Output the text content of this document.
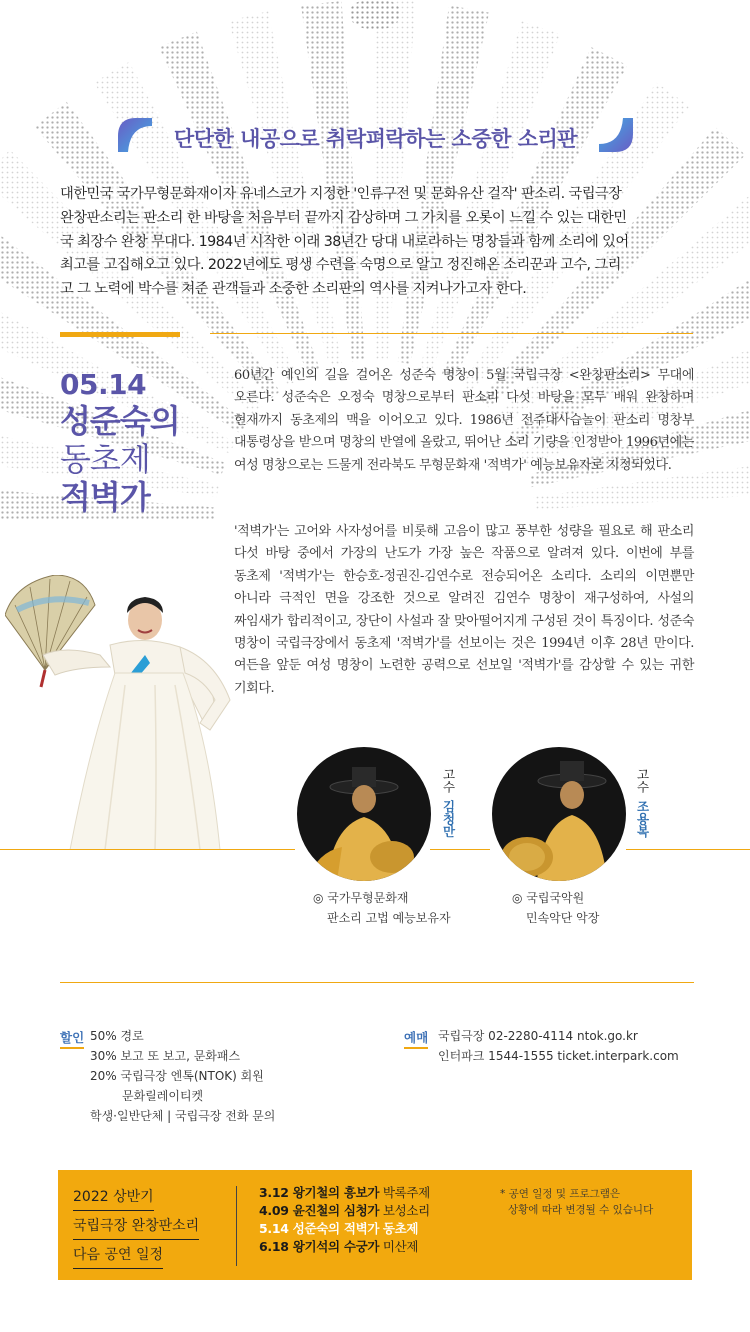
단단한 내공으로 취락펴락하는 소중한 소리판
대한민국 국가무형문화재이자 유네스코가 지정한 '인류구전 및 문화유산 걸작' 판소리. 국립극장
완창판소리는 판소리 한 바탕을 처음부터 끝까지 감상하며 그 가치를 오롯이 느낄 수 있는 대한민
국 최장수 완창 무대다. 1984년 시작한 이래 38년간 당대 내로라하는 명창들과 함께 소리에 있어
최고를 고집해오고 있다. 2022년에도 평생 수련을 숙명으로 알고 정진해온 소리꾼과 고수, 그리
고 그 노력에 박수를 쳐준 관객들과 소중한 소리판의 역사를 지켜나가고자 한다.
05.14
성준숙의
동초제
적벽가
60년간 예인의 길을 걸어온 성준숙 명창이 5월 국립극장 <완창판소리> 무대에 오른다. 성준숙은 오정숙 명창으로부터 판소리 다섯 바탕을 모두 배워 완창하며 현재까지 동초제의 맥을 이어오고 있다. 1986년 전주대사습놀이 판소리 명창부 대통령상을 받으며 명창의 반열에 올랐고, 뛰어난 소리 기량을 인정받아 1996년에는 여성 명창으로는 드물게 전라북도 무형문화재 '적벽가' 예능보유자로 지정되었다.
'적벽가'는 고어와 사자성어를 비롯해 고음이 많고 풍부한 성량을 필요로 해 판소리 다섯 바탕 중에서 가장의 난도가 가장 높은 작품으로 알려져 있다. 이번에 부를 동초제 '적벽가'는 한승호-정권진-김연수로 전승되어온 소리다. 소리의 이면뿐만 아니라 극적인 면을 강조한 것으로 알려진 김연수 명창이 재구성하여, 사설의 짜임새가 합리적이고, 장단이 사설과 잘 맞아떨어지게 구성된 것이 특징이다. 성준숙 명창이 국립극장에서 동초제 '적벽가'를 선보이는 것은 1994년 이후 28년 만이다. 여든을 앞둔 여성 명창이 노련한 공력으로 선보일 '적벽가'를 감상할 수 있는 귀한 기회다.
고수
김청만
◎ 국가무형문화재
판소리 고법 예능보유자
고수
조용복
◎ 국립국악원
민속악단 악장
할인 50% 경로
30% 보고 또 보고, 문화패스
20% 국립극장 엔톡(NTOK) 회원
문화릴레이티켓
학생·일반단체 | 국립극장 전화 문의
예매 국립극장 02-2280-4114 ntok.go.kr
인터파크 1544-1555 ticket.interpark.com
2022 상반기
국립극장 완창판소리
다음 공연 일정
3.12 왕기철의 흥보가 박록주제
4.09 윤진철의 심청가 보성소리
5.14 성준숙의 적벽가 동초제
6.18 왕기석의 수궁가 미산제
* 공연 일정 및 프로그램은
상황에 따라 변경될 수 있습니다
